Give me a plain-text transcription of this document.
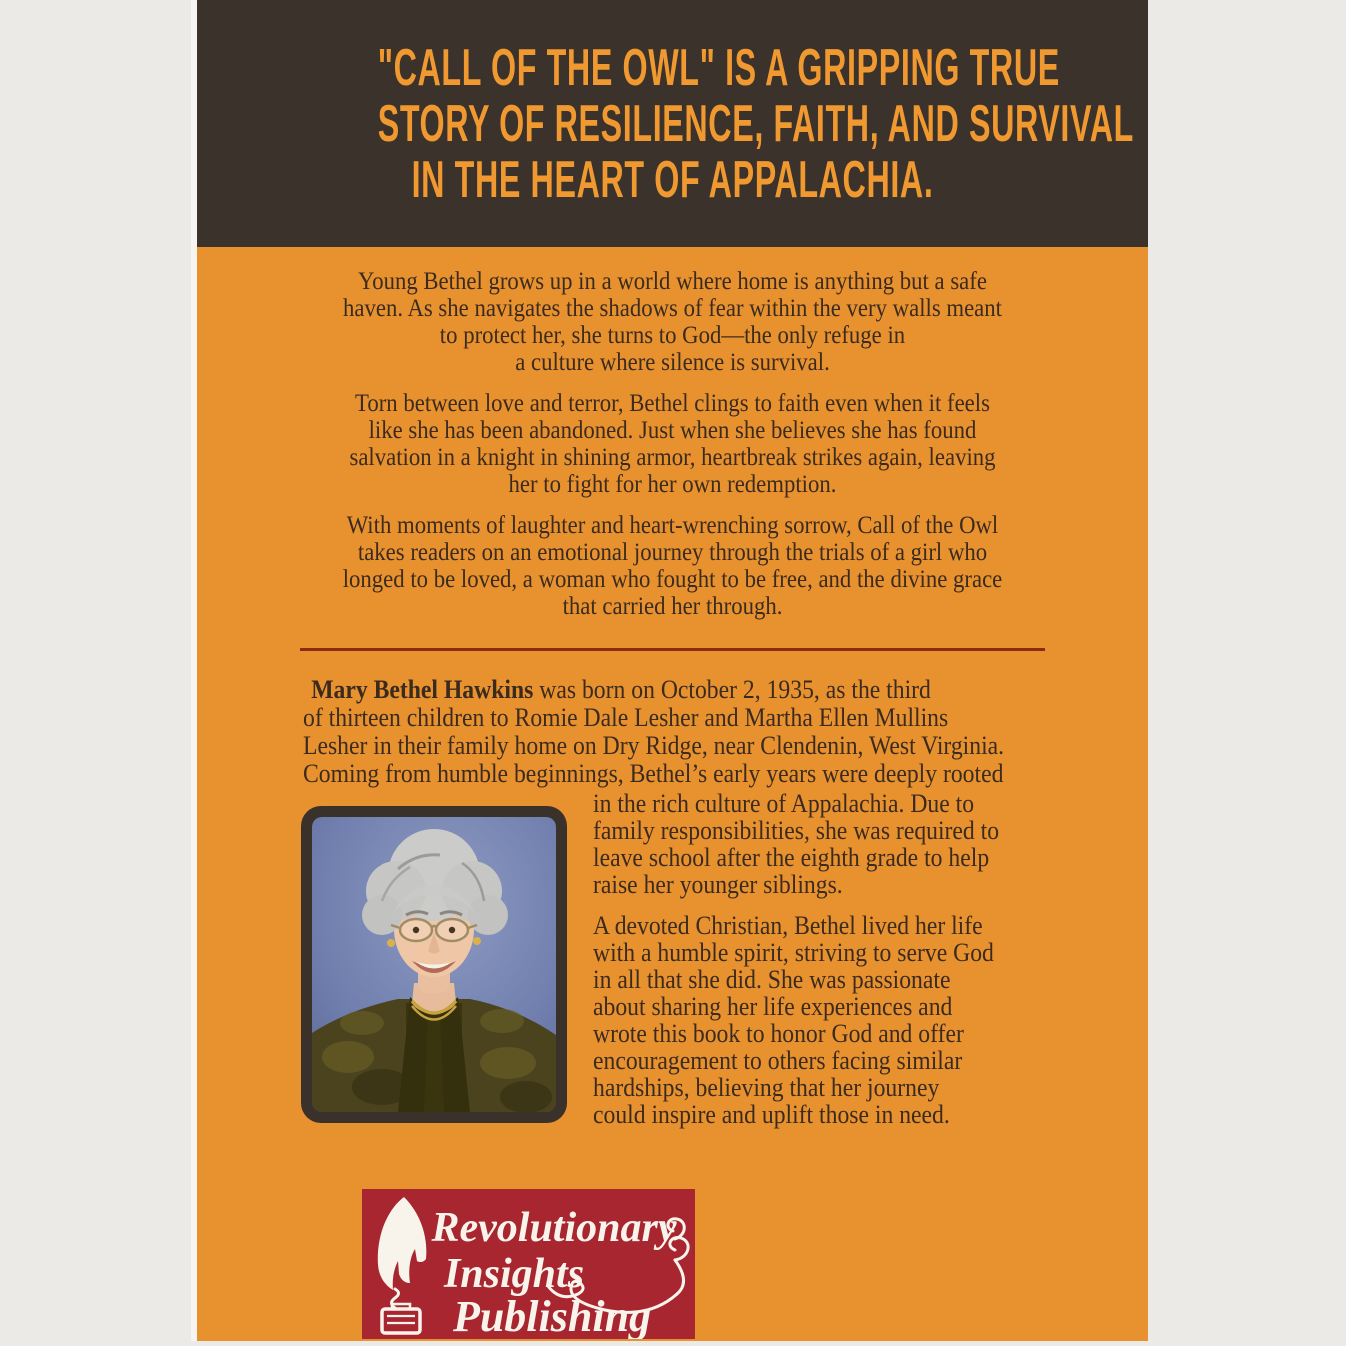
"CALL OF THE OWL" IS A GRIPPING TRUE
STORY OF RESILIENCE, FAITH, AND SURVIVAL
IN THE HEART OF APPALACHIA.
Young Bethel grows up in a world where home is anything but a safe
haven. As she navigates the shadows of fear within the very walls meant
to protect her, she turns to God—the only refuge in
a culture where silence is survival.
Torn between love and terror, Bethel clings to faith even when it feels
like she has been abandoned. Just when she believes she has found
salvation in a knight in shining armor, heartbreak strikes again, leaving
her to fight for her own redemption.
With moments of laughter and heart-wrenching sorrow, Call of the Owl
takes readers on an emotional journey through the trials of a girl who
longed to be loved, a woman who fought to be free, and the divine grace
that carried her through.
Mary Bethel Hawkins was born on October 2, 1935, as the third
of thirteen children to Romie Dale Lesher and Martha Ellen Mullins
Lesher in their family home on Dry Ridge, near Clendenin, West Virginia.
Coming from humble beginnings, Bethel’s early years were deeply rooted
in the rich culture of Appalachia. Due to
family responsibilities, she was required to
leave school after the eighth grade to help
raise her younger siblings.
A devoted Christian, Bethel lived her life
with a humble spirit, striving to serve God
in all that she did. She was passionate
about sharing her life experiences and
wrote this book to honor God and offer
encouragement to others facing similar
hardships, believing that her journey
could inspire and uplift those in need.
Revolutionary
Insights
Publishing
